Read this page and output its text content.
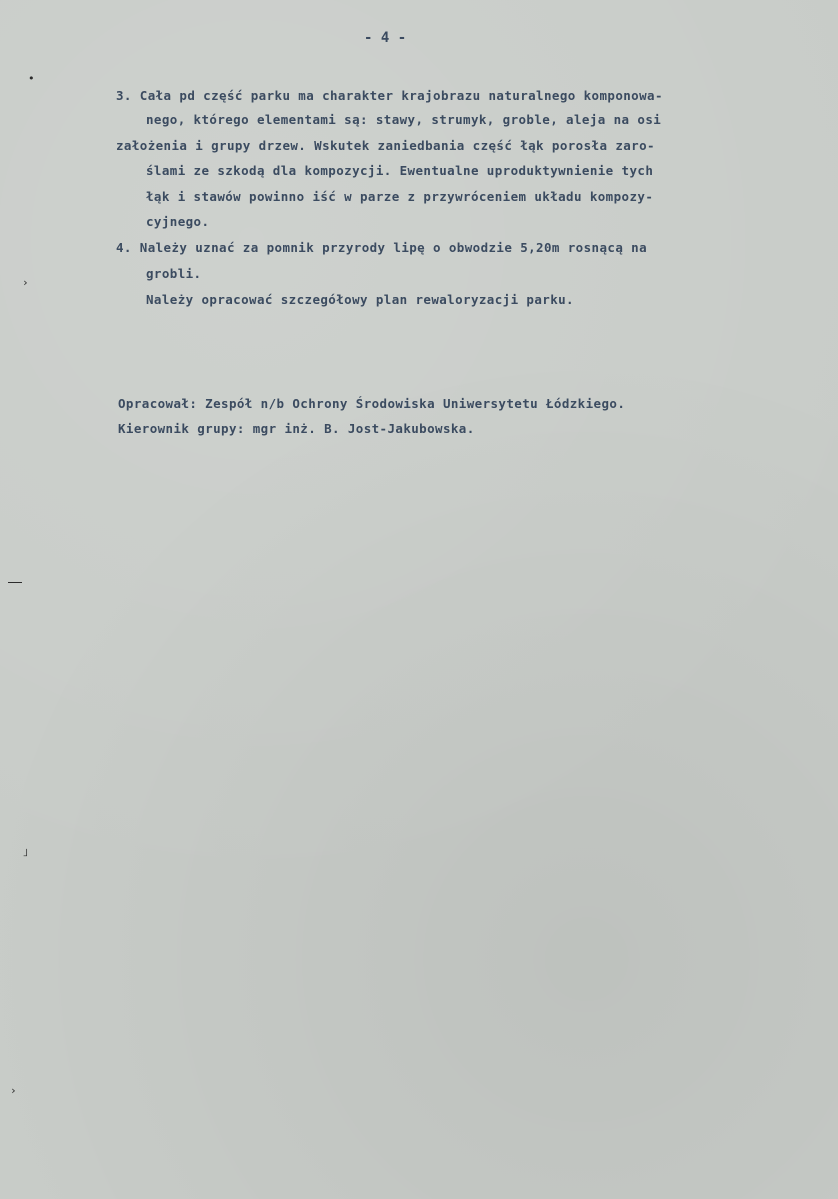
- 4 -
3. Cała pd część parku ma charakter krajobrazu naturalnego komponowa-
nego, którego elementami są: stawy, strumyk, groble, aleja na osi
założenia i grupy drzew. Wskutek zaniedbania część łąk porosła zaro-
ślami ze szkodą dla kompozycji. Ewentualne uproduktywnienie tych
łąk i stawów powinno iść w parze z przywróceniem układu kompozy-
cyjnego.
4. Należy uznać za pomnik przyrody lipę o obwodzie 5,20m rosnącą na
grobli.
Należy opracować szczegółowy plan rewaloryzacji parku.
Opracował: Zespół n/b Ochrony Środowiska Uniwersytetu Łódzkiego.
Kierownik grupy: mgr inż. B. Jost-Jakubowska.
•
›
˩
›
